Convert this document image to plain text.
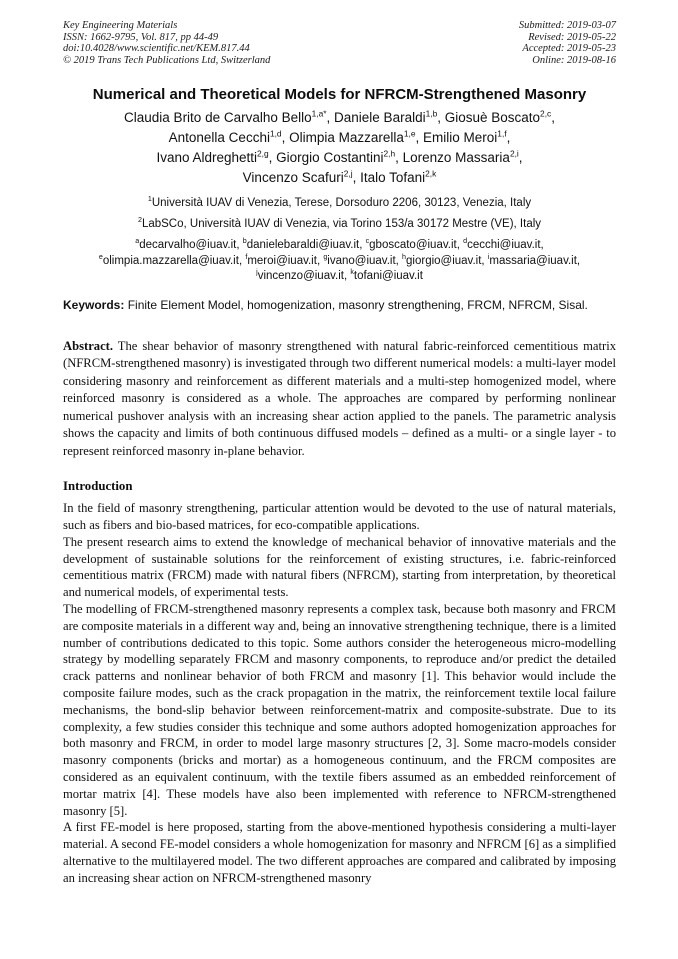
Key Engineering Materials
ISSN: 1662-9795, Vol. 817, pp 44-49
doi:10.4028/www.scientific.net/KEM.817.44
© 2019 Trans Tech Publications Ltd, Switzerland
Submitted: 2019-03-07
Revised: 2019-05-22
Accepted: 2019-05-23
Online: 2019-08-16
Numerical and Theoretical Models for NFRCM-Strengthened Masonry
Claudia Brito de Carvalho Bello$^{1,a*}$, Daniele Baraldi$^{1,b}$, Giosuè Boscato$^{2,c}$,
Antonella Cecchi$^{1,d}$, Olimpia Mazzarella$^{1,e}$, Emilio Meroi$^{1,f}$,
Ivano Aldreghetti$^{2,g}$, Giorgio Costantini$^{2,h}$, Lorenzo Massaria$^{2,i}$,
Vincenzo Scafuri$^{2,j}$, Italo Tofani$^{2,k}$
$^1$Università IUAV di Venezia, Terese, Dorsoduro 2206, 30123, Venezia, Italy
$^2$LabSCo, Università IUAV di Venezia, via Torino 153/a 30172 Mestre (VE), Italy
$^a$decarvalho@iuav.it, $^b$danielebaraldi@iuav.it, $^c$gboscato@iuav.it, $^d$cecchi@iuav.it,
$^e$olimpia.mazzarella@iuav.it, $^f$meroi@iuav.it, $^g$ivano@iuav.it, $^h$giorgio@iuav.it, $^i$massaria@iuav.it,
$^j$vincenzo@iuav.it, $^k$tofani@iuav.it
Keywords: Finite Element Model, homogenization, masonry strengthening, FRCM, NFRCM, Sisal.
Abstract. The shear behavior of masonry strengthened with natural fabric-reinforced cementitious matrix (NFRCM-strengthened masonry) is investigated through two different numerical models: a multi-layer model considering masonry and reinforcement as different materials and a multi-step homogenized model, where reinforced masonry is considered as a whole. The approaches are compared by performing nonlinear numerical pushover analysis with an increasing shear action applied to the panels. The parametric analysis shows the capacity and limits of both continuous diffused models – defined as a multi- or a single layer - to represent reinforced masonry in-plane behavior.
Introduction

In the field of masonry strengthening, particular attention would be devoted to the use of natural materials, such as fibers and bio-based matrices, for eco-compatible applications.

The present research aims to extend the knowledge of mechanical behavior of innovative materials and the development of sustainable solutions for the reinforcement of existing structures, i.e. fabric-reinforced cementitious matrix (FRCM) made with natural fibers (NFRCM), starting from interpretation, by theoretical and numerical models, of experimental tests.

The modelling of FRCM-strengthened masonry represents a complex task, because both masonry and FRCM are composite materials in a different way and, being an innovative strengthening technique, there is a limited number of contributions dedicated to this topic. Some authors consider the heterogeneous micro-modelling strategy by modelling separately FRCM and masonry components, to reproduce and/or predict the detailed crack patterns and nonlinear behavior of both FRCM and masonry [1]. This behavior would include the composite failure modes, such as the crack propagation in the matrix, the reinforcement textile local failure mechanisms, the bond-slip behavior between reinforcement-matrix and composite-substrate. Due to its complexity, a few studies consider this technique and some authors adopted homogenization approaches for both masonry and FRCM, in order to model large masonry structures [2, 3]. Some macro-models consider masonry components (bricks and mortar) as a homogeneous continuum, and the FRCM composites are considered as an equivalent continuum, with the textile fibers assumed as an embedded reinforcement of mortar matrix [4]. These models have also been implemented with reference to NFRCM-strengthened masonry [5].

A first FE-model is here proposed, starting from the above-mentioned hypothesis considering a multi-layer material. A second FE-model considers a whole homogenization for masonry and NFRCM [6] as a simplified alternative to the multilayered model. The two different approaches are compared and calibrated by imposing an increasing shear action on NFRCM-strengthened masonry
